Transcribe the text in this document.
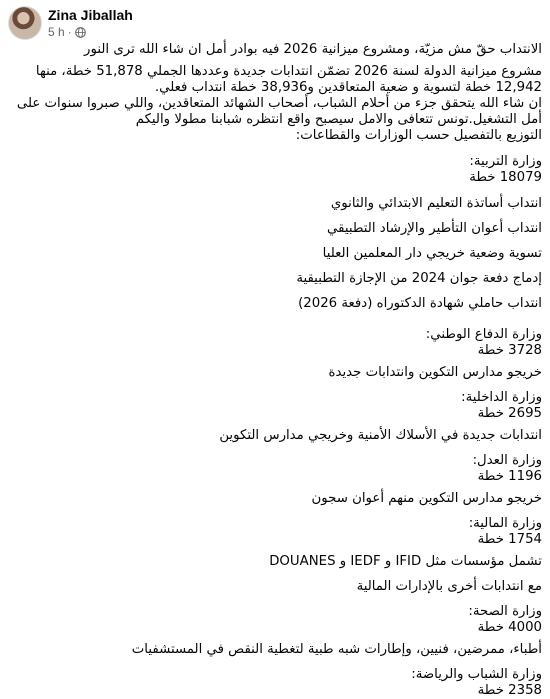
Zina Jiballah
5 h ·
الانتداب حقّ مش مزيّة، ومشروع ميزانية 2026 فيه بوادر أمل ان شاء الله ترى النور
مشروع ميزانية الدولة لسنة 2026 تضمّن انتدابات جديدة وعددها الجملي 51,878 خطة، منها 12,942 خطة لتسوية و ضعية المتعاقدين و38,936 خطة انتداب فعلي.
ان شاء الله يتحقق جزء من أحلام الشباب، أصحاب الشهائد المتعاقدين، واللي صبروا سنوات على أمل التشغيل.تونس تتعافى والامل سيصبح واقع انتظره شبابنا مطولا واليكم
التوزيع بالتفصيل حسب الوزارات والقطاعات:
وزارة التربية:
18079 خطة
انتداب أساتذة التعليم الابتدائي والثانوي
انتداب أعوان التأطير والإرشاد التطبيقي
تسوية وضعية خريجي دار المعلمين العليا
إدماج دفعة جوان 2024 من الإجازة التطبيقية
انتداب حاملي شهادة الدكتوراه (دفعة 2026)
وزارة الدفاع الوطني:
3728 خطة
خريجو مدارس التكوين وانتدابات جديدة
وزارة الداخلية:
2695 خطة
انتدابات جديدة في الأسلاك الأمنية وخريجي مدارس التكوين
وزارة العدل:
1196 خطة
خريجو مدارس التكوين منهم أعوان سجون
وزارة المالية:
1754 خطة
تشمل مؤسسات مثل IFID و IEDF و DOUANES
مع انتدابات أخرى بالإدارات المالية
وزارة الصحة:
4000 خطة
أطباء، ممرضين، فنيين، وإطارات شبه طبية لتغطية النقص في المستشفيات
وزارة الشباب والرياضة:
2358 خطة
